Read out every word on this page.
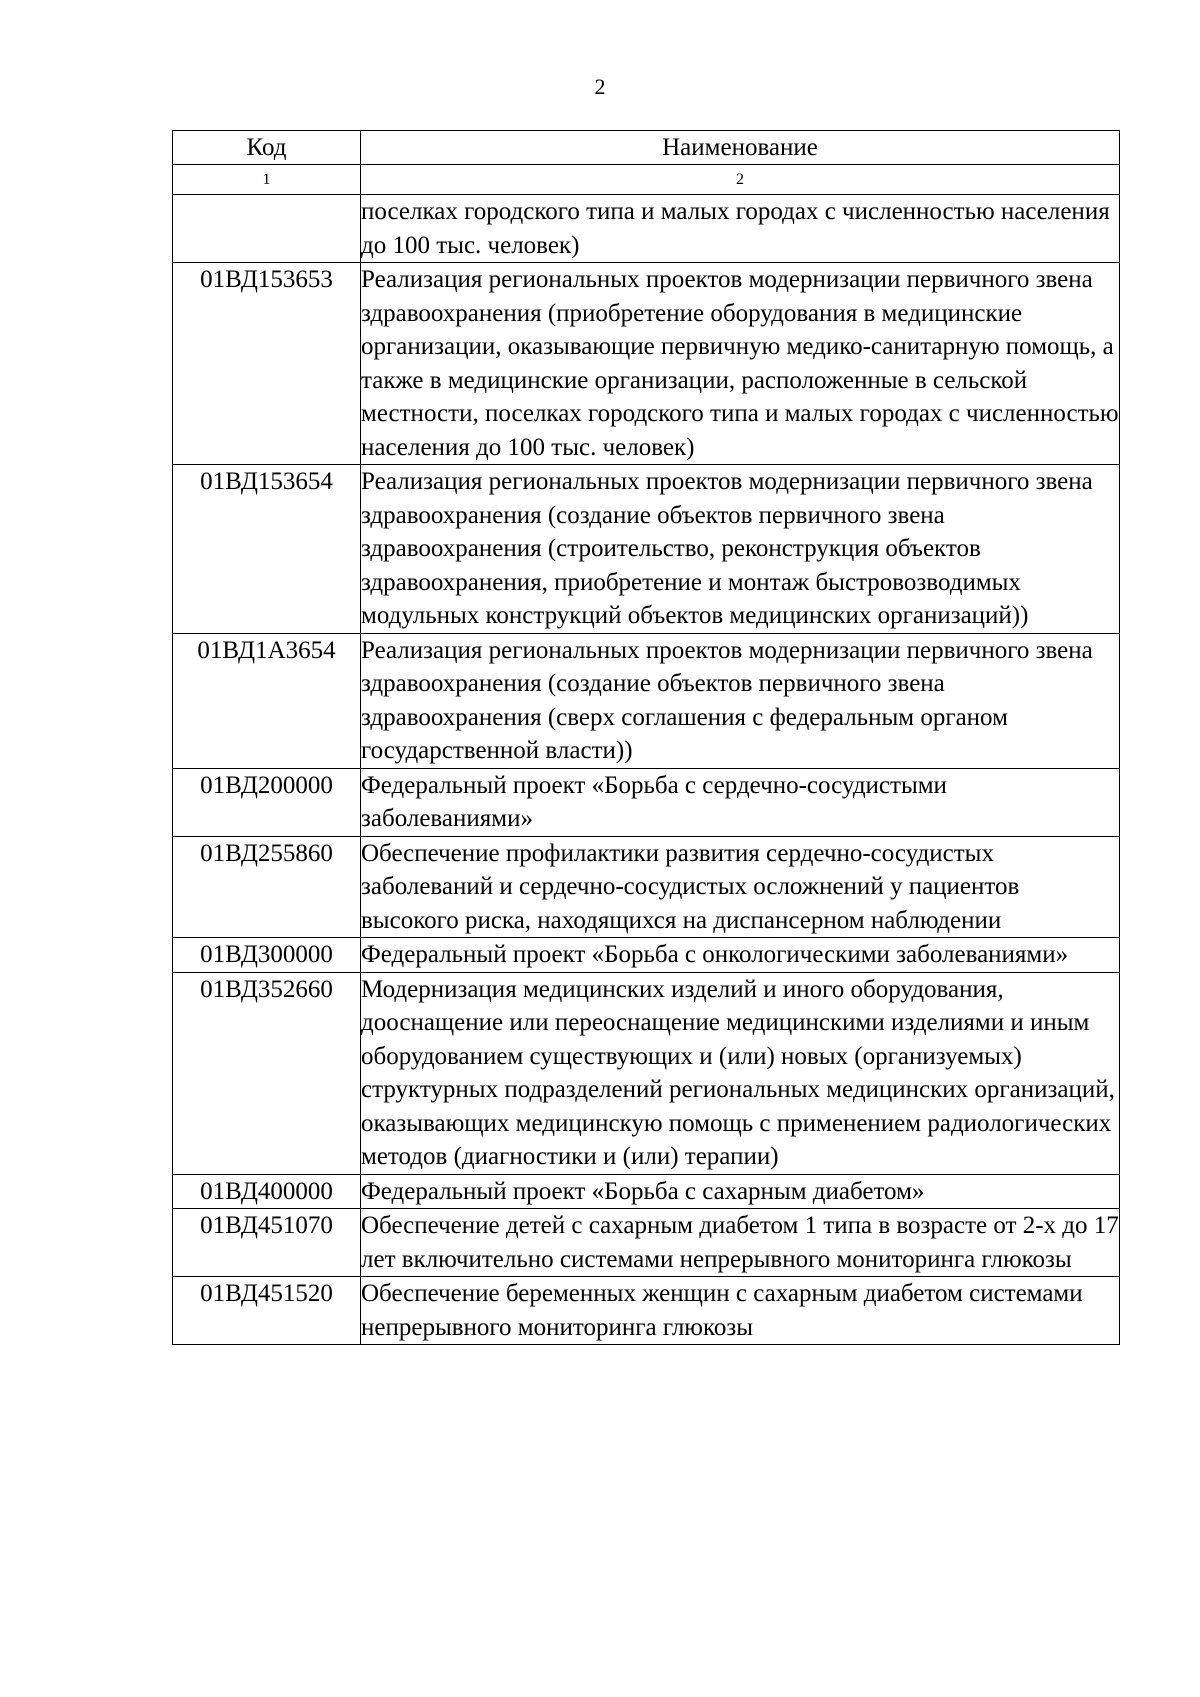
2
Код	Наименование
1	2
	поселках городского типа и малых городах с численностью населения до 100 тыс. человек)
01ВД153653	Реализация региональных проектов модернизации первичного звена здравоохранения (приобретение оборудования в медицинские организации, оказывающие первичную медико-санитарную помощь, а также в медицинские организации, расположенные в сельской местности, поселках городского типа и малых городах с численностью населения до 100 тыс. человек)
01ВД153654	Реализация региональных проектов модернизации первичного звена здравоохранения (создание объектов первичного звена здравоохранения (строительство, реконструкция объектов здравоохранения, приобретение и монтаж быстровозводимых модульных конструкций объектов медицинских организаций))
01ВД1А3654	Реализация региональных проектов модернизации первичного звена здравоохранения (создание объектов первичного звена здравоохранения (сверх соглашения с федеральным органом государственной власти))
01ВД200000	Федеральный проект «Борьба с сердечно-сосудистыми заболеваниями»
01ВД255860	Обеспечение профилактики развития сердечно-сосудистых заболеваний и сердечно-сосудистых осложнений у пациентов высокого риска, находящихся на диспансерном наблюдении
01ВД300000	Федеральный проект «Борьба с онкологическими заболеваниями»
01ВД352660	Модернизация медицинских изделий и иного оборудования, дооснащение или переоснащение медицинскими изделиями и иным оборудованием существующих и (или) новых (организуемых) структурных подразделений региональных медицинских организаций, оказывающих медицинскую помощь с применением радиологических методов (диагностики и (или) терапии)
01ВД400000	Федеральный проект «Борьба с сахарным диабетом»
01ВД451070	Обеспечение детей с сахарным диабетом 1 типа в возрасте от 2-х до 17 лет включительно системами непрерывного мониторинга глюкозы
01ВД451520	Обеспечение беременных женщин с сахарным диабетом системами непрерывного мониторинга глюкозы
